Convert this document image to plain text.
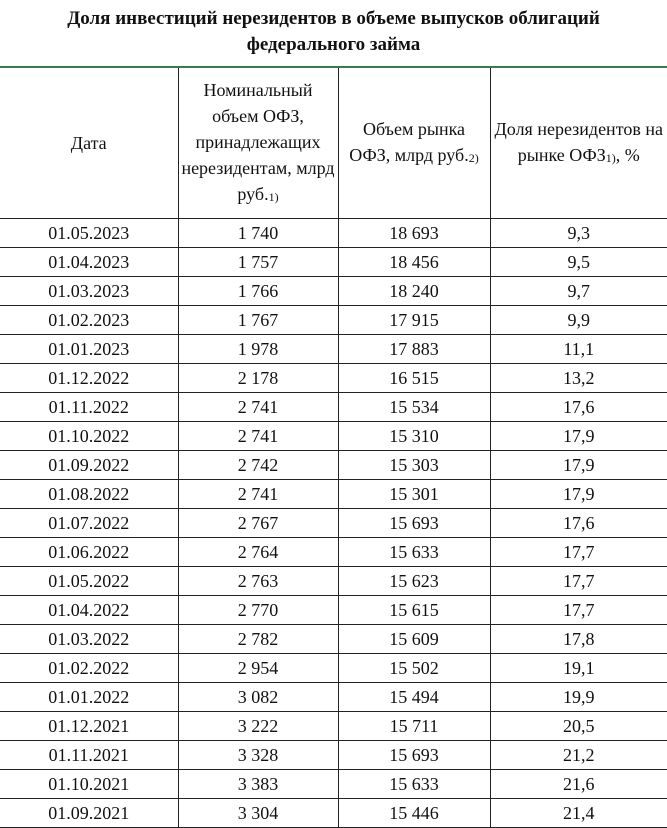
Доля инвестиций нерезидентов в объеме выпусков облигаций
федерального займа
Дата	Номинальный объем ОФЗ, принадлежащих нерезидентам, млрд $руб._{1)}$	Объем рынка ОФЗ, млрд $руб._{2)}$	Доля нерезидентов на рынке $ОФЗ_{1)}$, %
01.05.2023	1 740	18 693	9,3
01.04.2023	1 757	18 456	9,5
01.03.2023	1 766	18 240	9,7
01.02.2023	1 767	17 915	9,9
01.01.2023	1 978	17 883	11,1
01.12.2022	2 178	16 515	13,2
01.11.2022	2 741	15 534	17,6
01.10.2022	2 741	15 310	17,9
01.09.2022	2 742	15 303	17,9
01.08.2022	2 741	15 301	17,9
01.07.2022	2 767	15 693	17,6
01.06.2022	2 764	15 633	17,7
01.05.2022	2 763	15 623	17,7
01.04.2022	2 770	15 615	17,7
01.03.2022	2 782	15 609	17,8
01.02.2022	2 954	15 502	19,1
01.01.2022	3 082	15 494	19,9
01.12.2021	3 222	15 711	20,5
01.11.2021	3 328	15 693	21,2
01.10.2021	3 383	15 633	21,6
01.09.2021	3 304	15 446	21,4
